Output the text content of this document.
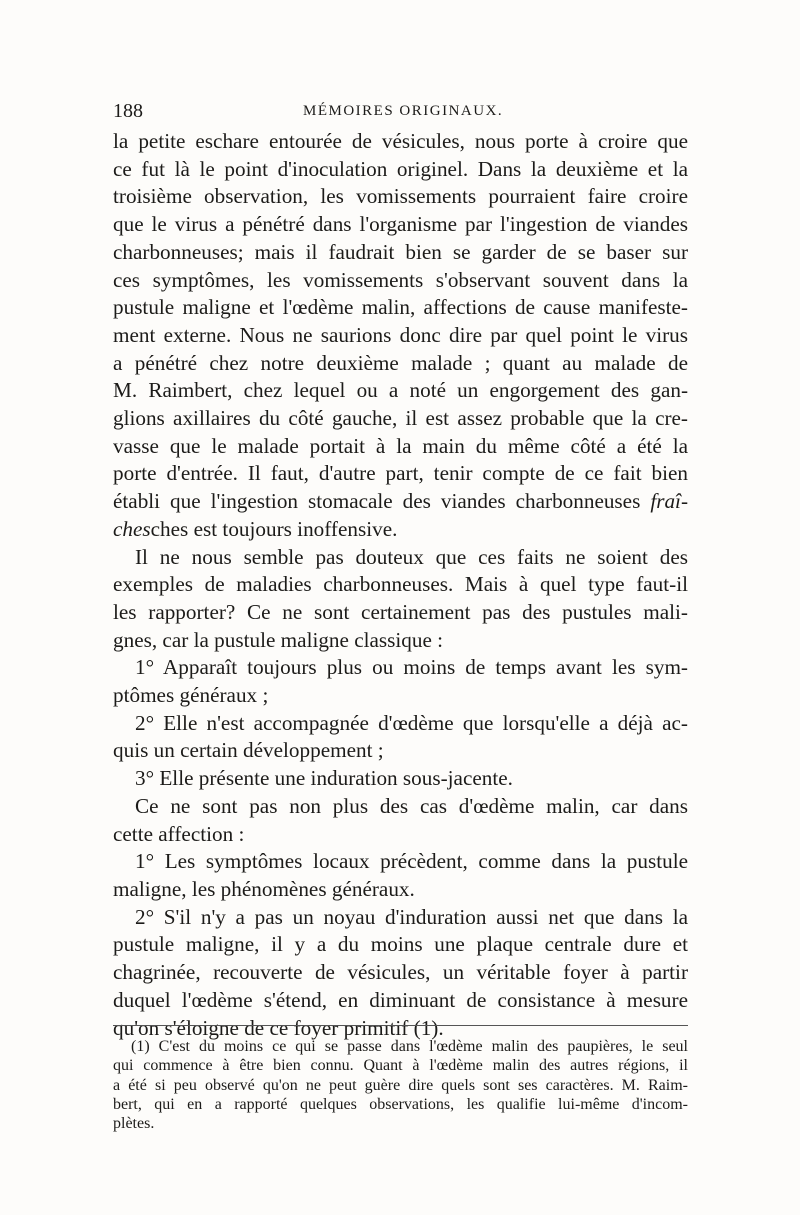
188	MÉMOIRES ORIGINAUX.
la petite eschare entourée de vésicules, nous porte à croire que
ce fut là le point d'inoculation originel. Dans la deuxième et la
troisième observation, les vomissements pourraient faire croire
que le virus a pénétré dans l'organisme par l'ingestion de viandes
charbonneuses; mais il faudrait bien se garder de se baser sur
ces symptômes, les vomissements s'observant souvent dans la
pustule maligne et l'œdème malin, affections de cause manifeste-
ment externe. Nous ne saurions donc dire par quel point le virus
a pénétré chez notre deuxième malade ; quant au malade de
M. Raimbert, chez lequel ou a noté un engorgement des gan-
glions axillaires du côté gauche, il est assez probable que la cre-
vasse que le malade portait à la main du même côté a été la
porte d'entrée. Il faut, d'autre part, tenir compte de ce fait bien
établi que l'ingestion stomacale des viandes charbonneuses fraî-
chesches est toujours inoffensive.
Il ne nous semble pas douteux que ces faits ne soient des
exemples de maladies charbonneuses. Mais à quel type faut-il
les rapporter? Ce ne sont certainement pas des pustules mali-
gnes, car la pustule maligne classique :
1° Apparaît toujours plus ou moins de temps avant les sym-
ptômes généraux ;
2° Elle n'est accompagnée d'œdème que lorsqu'elle a déjà ac-
quis un certain développement ;
3° Elle présente une induration sous-jacente.
Ce ne sont pas non plus des cas d'œdème malin, car dans
cette affection :
1° Les symptômes locaux précèdent, comme dans la pustule
maligne, les phénomènes généraux.
2° S'il n'y a pas un noyau d'induration aussi net que dans la
pustule maligne, il y a du moins une plaque centrale dure et
chagrinée, recouverte de vésicules, un véritable foyer à partir
duquel l'œdème s'étend, en diminuant de consistance à mesure
qu'on s'éloigne de ce foyer primitif (1).
(1) C'est du moins ce qui se passe dans l'œdème malin des paupières, le seul
qui commence à être bien connu. Quant à l'œdème malin des autres régions, il
a été si peu observé qu'on ne peut guère dire quels sont ses caractères. M. Raim-
bert, qui en a rapporté quelques observations, les qualifie lui-même d'incom-
plètes.
